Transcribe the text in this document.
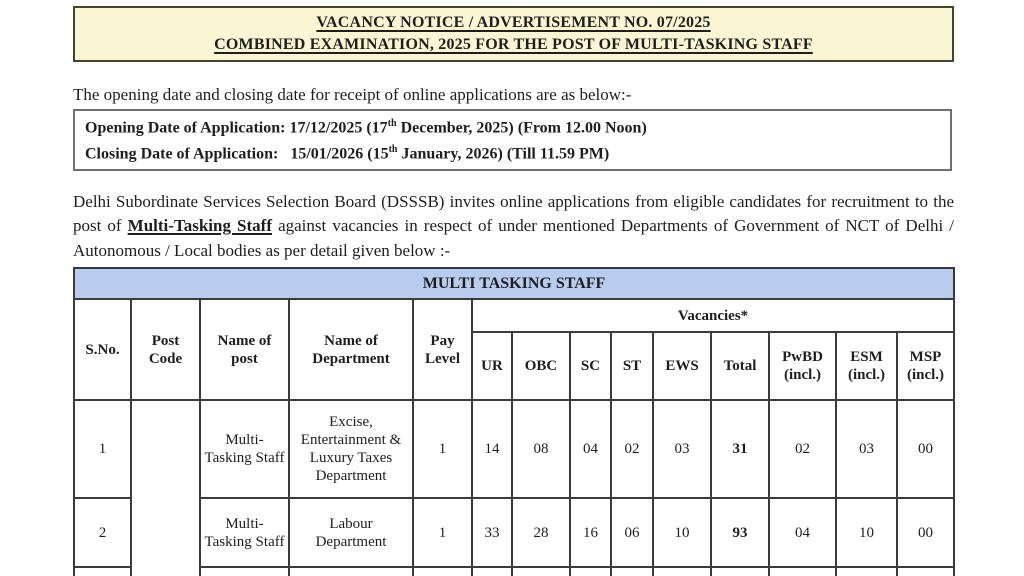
VACANCY NOTICE / ADVERTISEMENT NO. 07/2025
COMBINED EXAMINATION, 2025 FOR THE POST OF MULTI-TASKING STAFF
The opening date and closing date for receipt of online applications are as below:-
Opening Date of Application: 17/12/2025 (17th December, 2025) (From 12.00 Noon)
Closing Date of Application:   15/01/2026 (15th January, 2026) (Till 11.59 PM)
Delhi Subordinate Services Selection Board (DSSSB) invites online applications from eligible candidates for recruitment to the post of Multi-Tasking Staff against vacancies in respect of under mentioned Departments of Government of NCT of Delhi / Autonomous / Local bodies as per detail given below :-
MULTI TASKING STAFF													
S.No.	Post Code	Name of post	Name of Department	Pay Level	Vacancies*								
					UR	OBC	SC	ST	EWS	Total	PwBD (incl.)	ESM (incl.)	MSP (incl.)
1		Multi-Tasking Staff	Excise, Entertainment & Luxury Taxes Department	1	14	08	04	02	03	31	02	03	00
2		Multi-Tasking Staff	Labour Department	1	33	28	16	06	10	93	04	10	00
